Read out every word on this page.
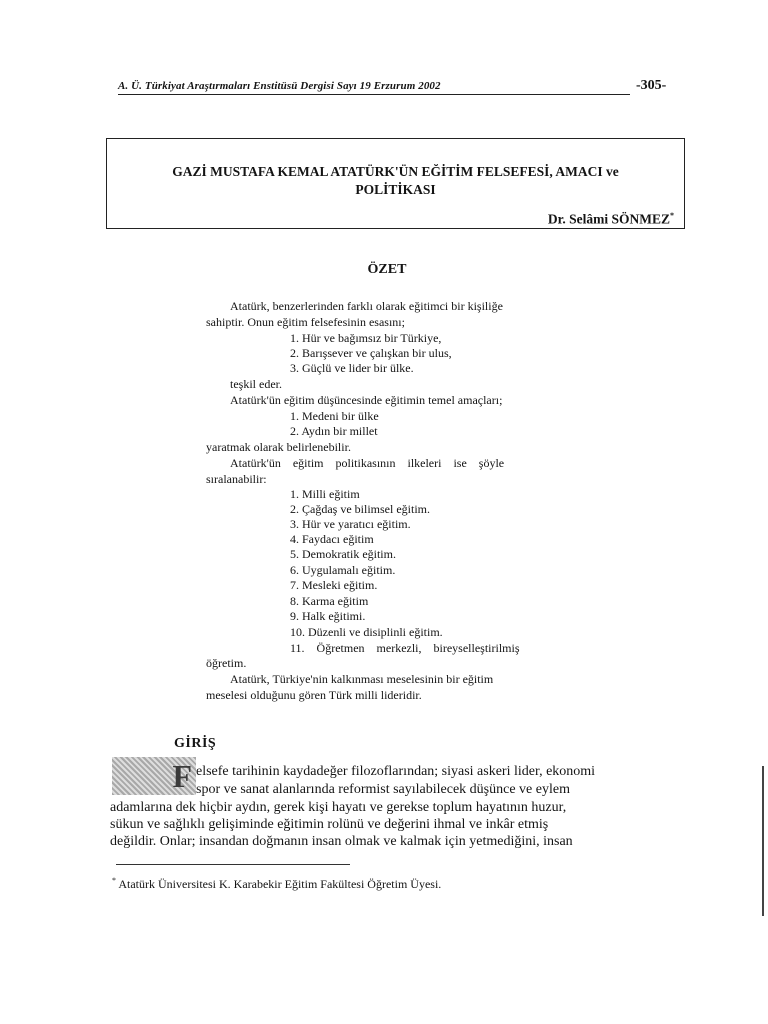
A. Ü. Türkiyat Araştırmaları Enstitüsü Dergisi Sayı 19 Erzurum 2002	-305-
GAZİ MUSTAFA KEMAL ATATÜRK'ÜN EĞİTİM FELSEFESİ, AMACI ve
POLİTİKASI
Dr. Selâmi SÖNMEZ*
ÖZET
Atatürk, benzerlerinden farklı olarak eğitimci bir kişiliğe
sahiptir. Onun eğitim felsefesinin esasını;
1. Hür ve bağımsız bir Türkiye,
2. Barışsever ve çalışkan bir ulus,
3. Güçlü ve lider bir ülke.
teşkil eder.
Atatürk'ün eğitim düşüncesinde eğitimin temel amaçları;
1. Medeni bir ülke
2. Aydın bir millet
yaratmak olarak belirlenebilir.
Atatürk'ün    eğitim    politikasının    ilkeleri    ise    şöyle
sıralanabilir:
1. Milli eğitim
2. Çağdaş ve bilimsel eğitim.
3. Hür ve yaratıcı eğitim.
4. Faydacı eğitim
5. Demokratik eğitim.
6. Uygulamalı eğitim.
7. Mesleki eğitim.
8. Karma eğitim
9. Halk eğitimi.
10. Düzenli ve disiplinli eğitim.
11.    Öğretmen    merkezli,    bireyselleştirilmiş
öğretim.
Atatürk, Türkiye'nin kalkınması meselesinin bir eğitim
meselesi olduğunu gören Türk milli lideridir.
GİRİŞ
F elsefe tarihinin kaydadeğer filozoflarından; siyasi askeri lider, ekonomi
spor ve sanat alanlarında reformist sayılabilecek düşünce ve eylem
adamlarına dek hiçbir aydın, gerek kişi hayatı ve gerekse toplum hayatının huzur,
sükun ve sağlıklı gelişiminde eğitimin rolünü ve değerini ihmal ve inkâr etmiş
değildir. Onlar; insandan doğmanın insan olmak ve kalmak için yetmediğini, insan
* Atatürk Üniversitesi K. Karabekir Eğitim Fakültesi Öğretim Üyesi.
